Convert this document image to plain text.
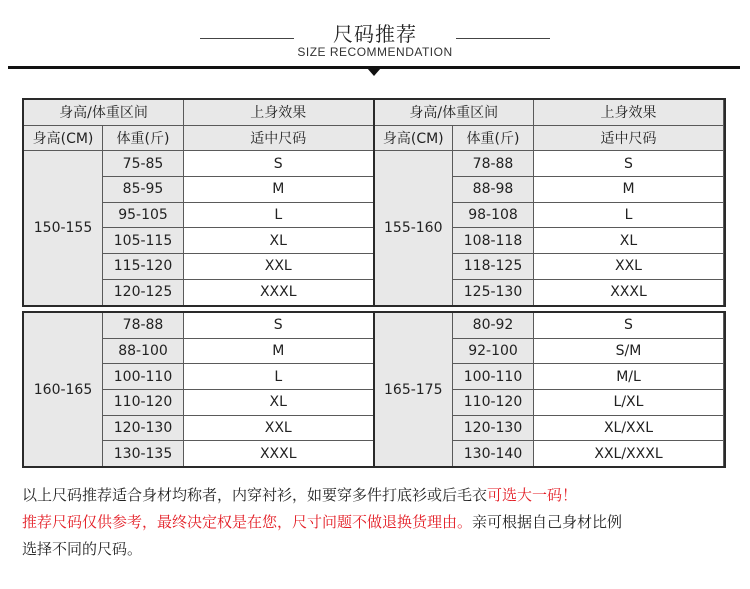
尺码推荐
SIZE RECOMMENDATION
身高/体重区间		上身效果	身高/体重区间		上身效果
身高(CM)	体重(斤)	适中尺码	身高(CM)	体重(斤)	适中尺码
150-155	75-85	S	155-160	78-88	S
	85-95	M		88-98	M
	95-105	L		98-108	L
	105-115	XL		108-118	XL
	115-120	XXL		118-125	XXL
	120-125	XXXL		125-130	XXXL
160-165	78-88	S	165-175	80-92	S
	88-100	M		92-100	S/M
	100-110	L		100-110	M/L
	110-120	XL		110-120	L/XL
	120-130	XXL		120-130	XL/XXL
	130-135	XXXL		130-140	XXL/XXXL
以上尺码推荐适合身材均称者，内穿衬衫，如要穿多件打底衫或后毛衣可选大一码！
推荐尺码仅供参考，最终决定权是在您，尺寸问题不做退换货理由。亲可根据自己身材比例
选择不同的尺码。
